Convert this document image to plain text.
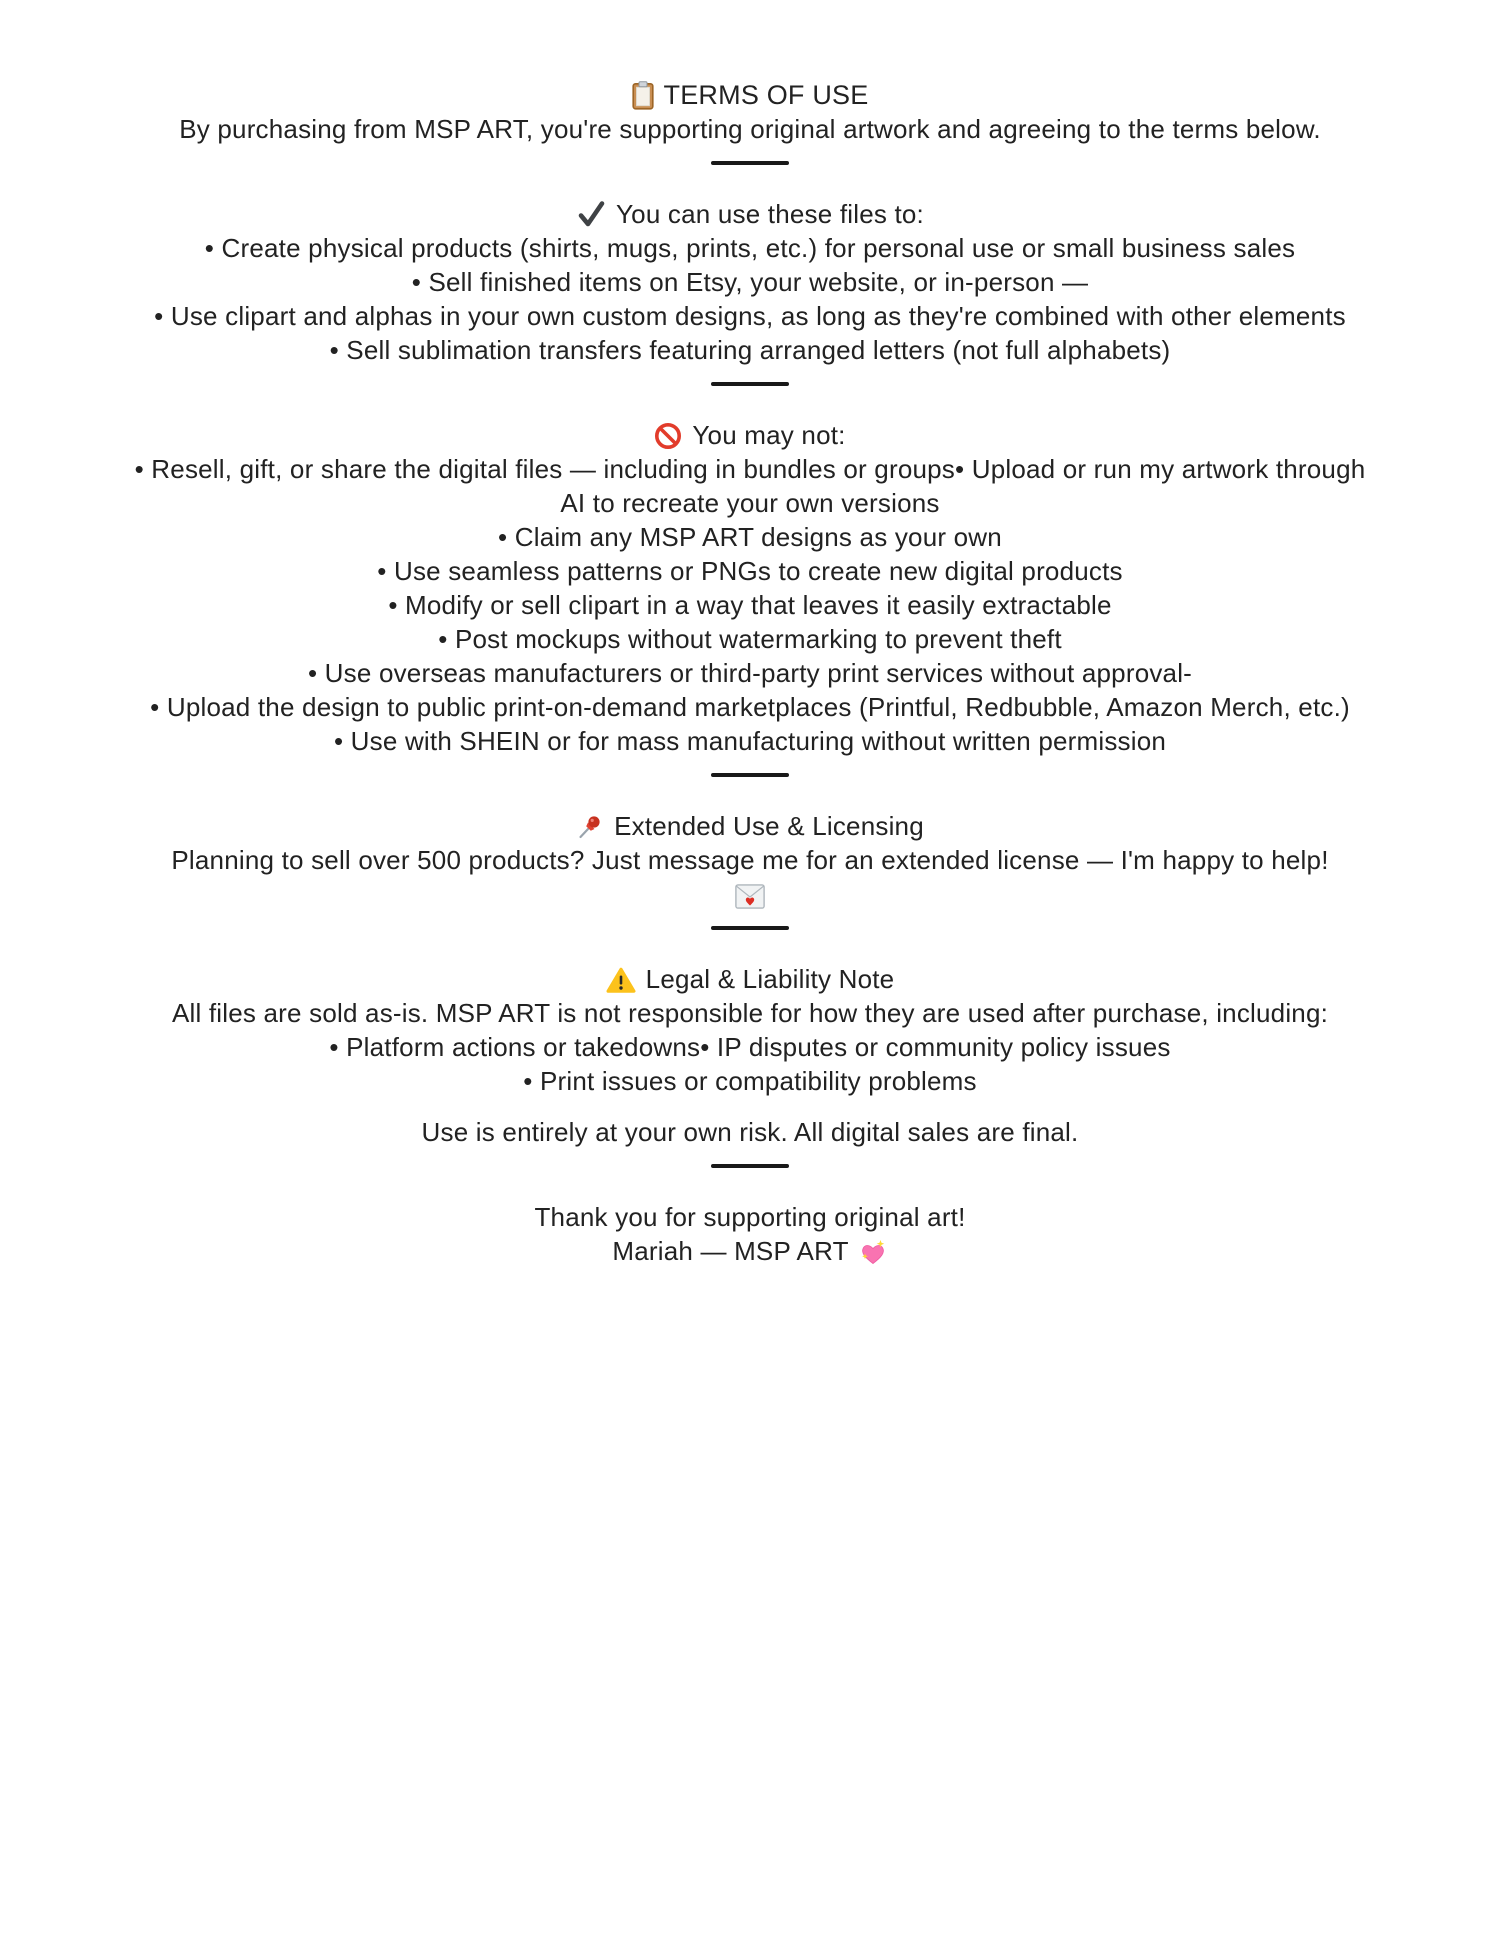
TERMS OF USE

By purchasing from MSP ART, you're supporting original artwork and agreeing to the terms below.

You can use these files to:

• Create physical products (shirts, mugs, prints, etc.) for personal use or small business sales

• Sell finished items on Etsy, your website, or in-person —

• Use clipart and alphas in your own custom designs, as long as they're combined with other elements

• Sell sublimation transfers featuring arranged letters (not full alphabets)

You may not:

• Resell, gift, or share the digital files — including in bundles or groups• Upload or run my artwork through AI to recreate your own versions

• Claim any MSP ART designs as your own

• Use seamless patterns or PNGs to create new digital products

• Modify or sell clipart in a way that leaves it easily extractable

• Post mockups without watermarking to prevent theft

• Use overseas manufacturers or third-party print services without approval-

• Upload the design to public print-on-demand marketplaces (Printful, Redbubble, Amazon Merch, etc.)

• Use with SHEIN or for mass manufacturing without written permission

Extended Use & Licensing

Planning to sell over 500 products? Just message me for an extended license — I'm happy to help!

Legal & Liability Note

All files are sold as-is. MSP ART is not responsible for how they are used after purchase, including:

• Platform actions or takedowns• IP disputes or community policy issues

• Print issues or compatibility problems

Use is entirely at your own risk. All digital sales are final.

Thank you for supporting original art!

Mariah — MSP ART
